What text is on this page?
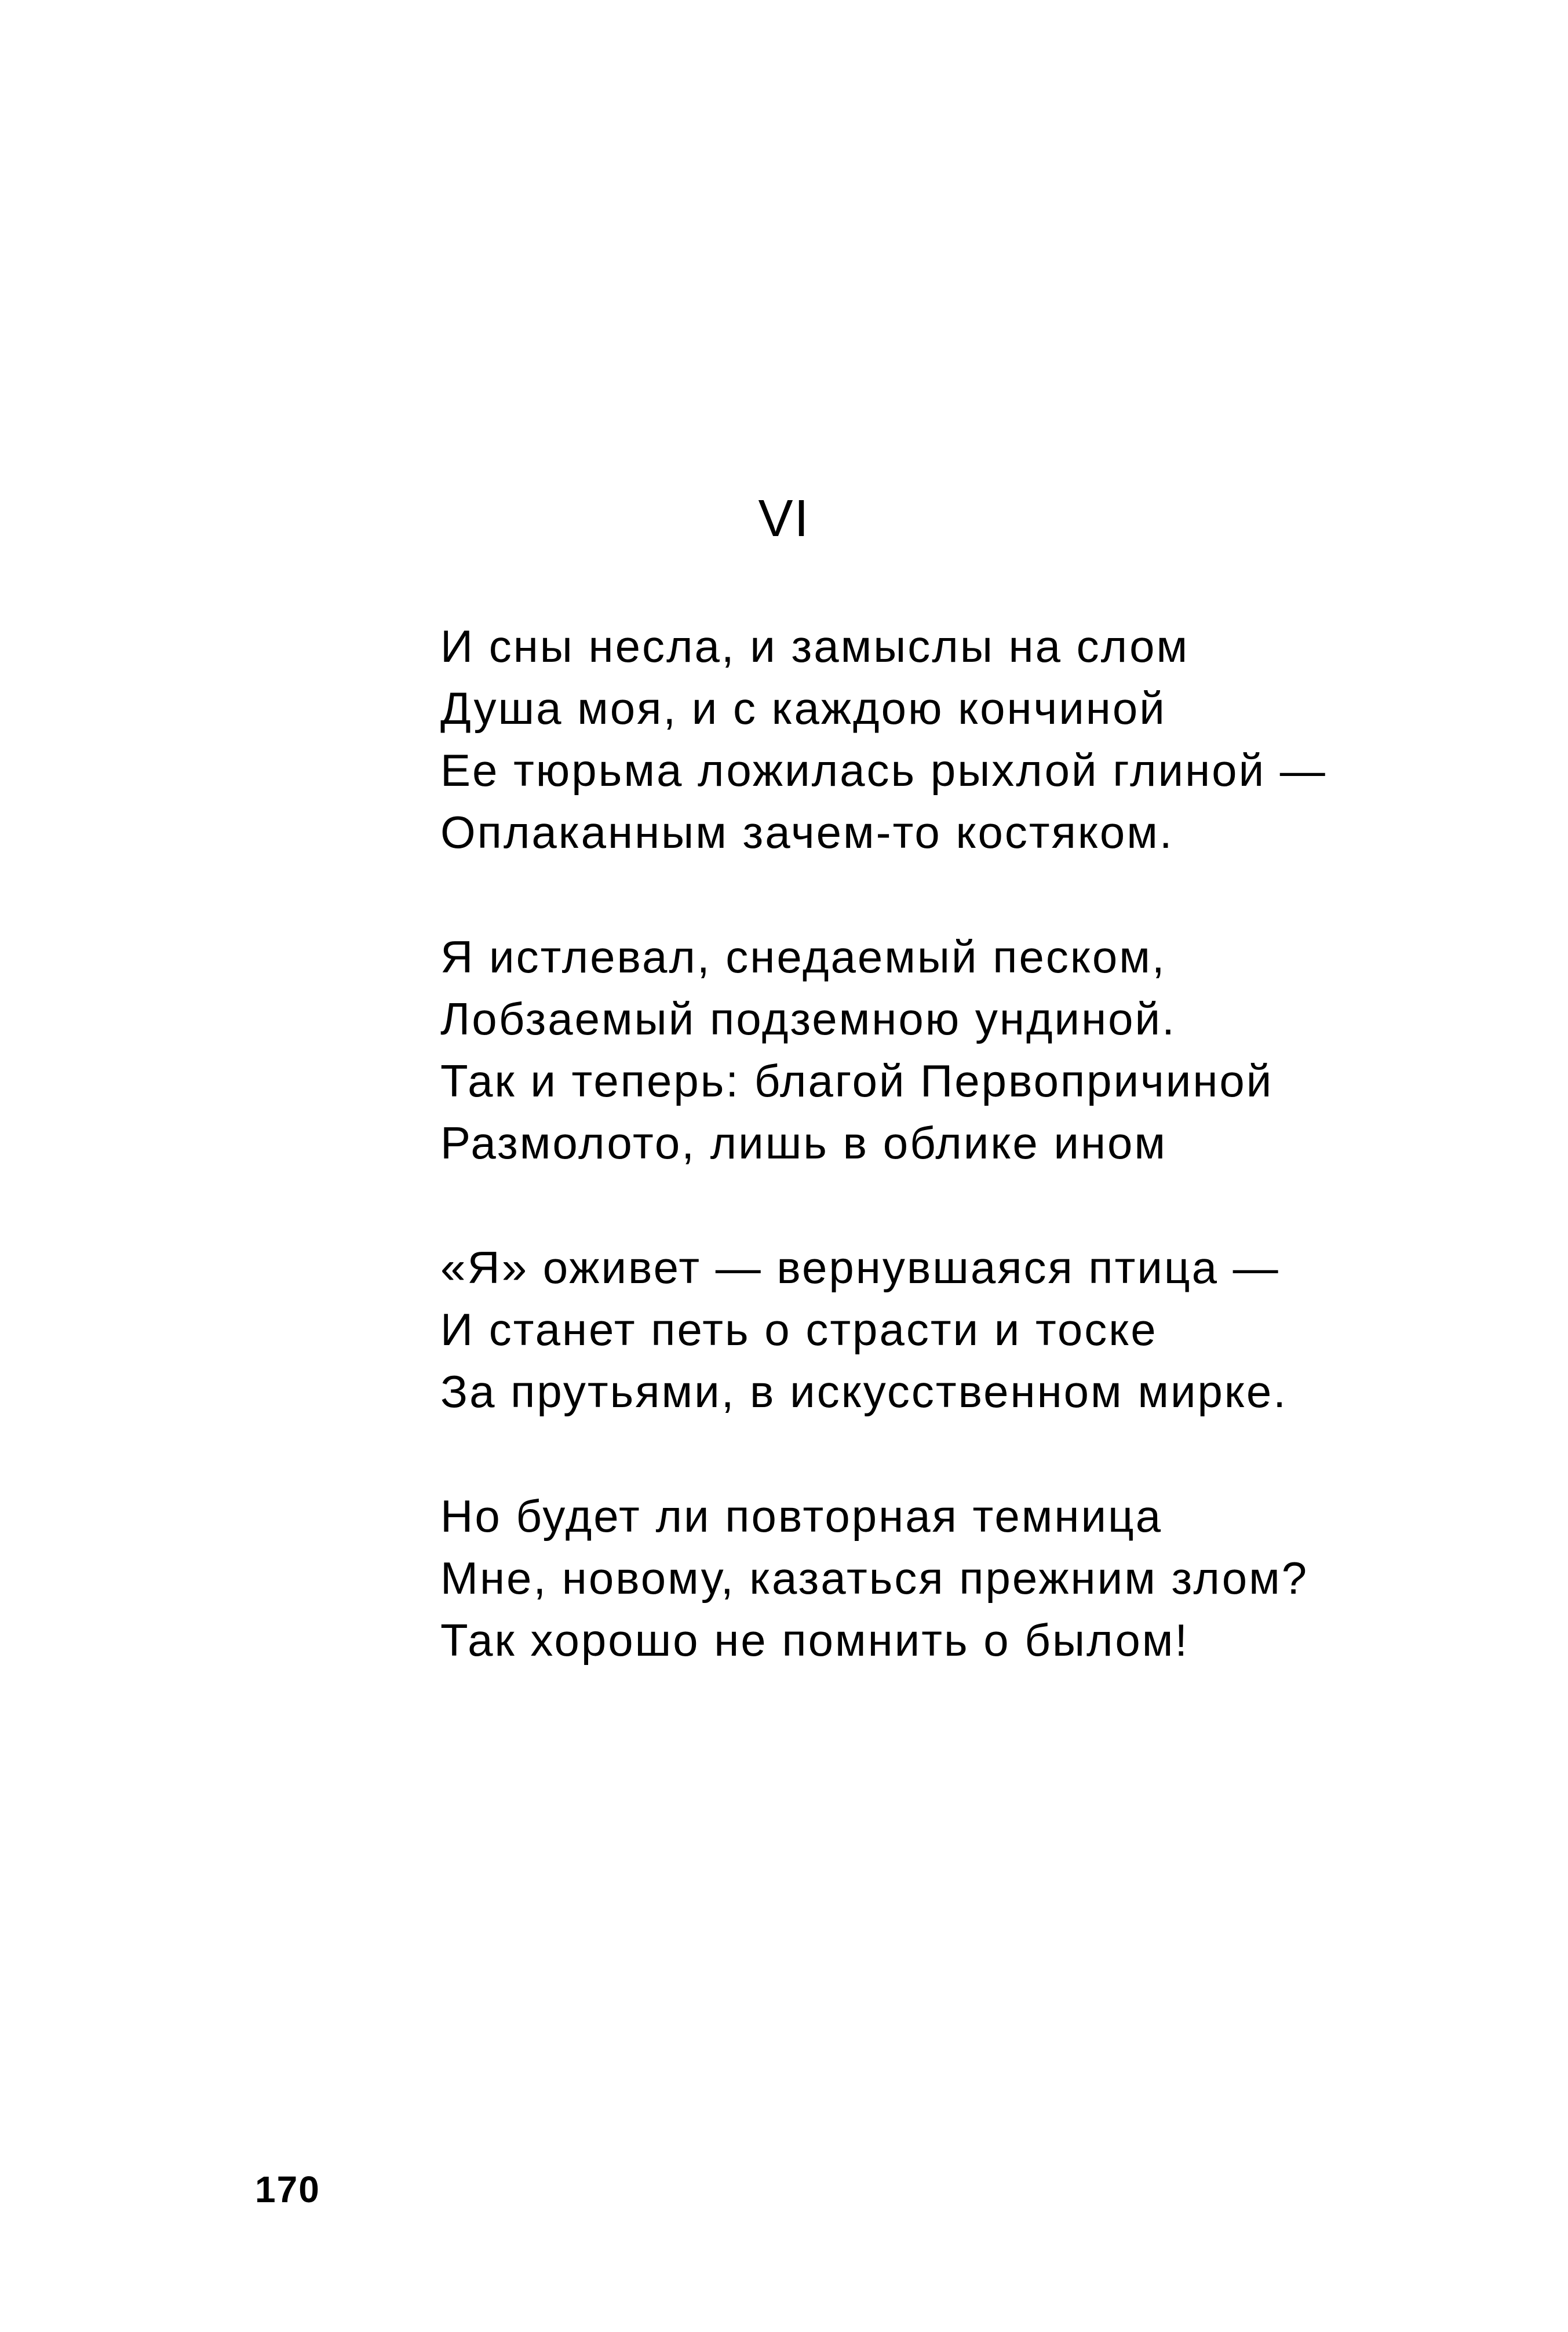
VI
И сны несла, и замыслы на слом
Душа моя, и с каждою кончиной
Ее тюрьма ложилась рыхлой глиной —
Оплаканным зачем-то костяком.
Я истлевал, снедаемый песком,
Лобзаемый подземною ундиной.
Так и теперь: благой Первопричиной
Размолото, лишь в облике ином
«Я» оживет — вернувшаяся птица —
И станет петь о страсти и тоске
За прутьями, в искусственном мирке.
Но будет ли повторная темница
Мне, новому, казаться прежним злом?
Так хорошо не помнить о былом!
170
